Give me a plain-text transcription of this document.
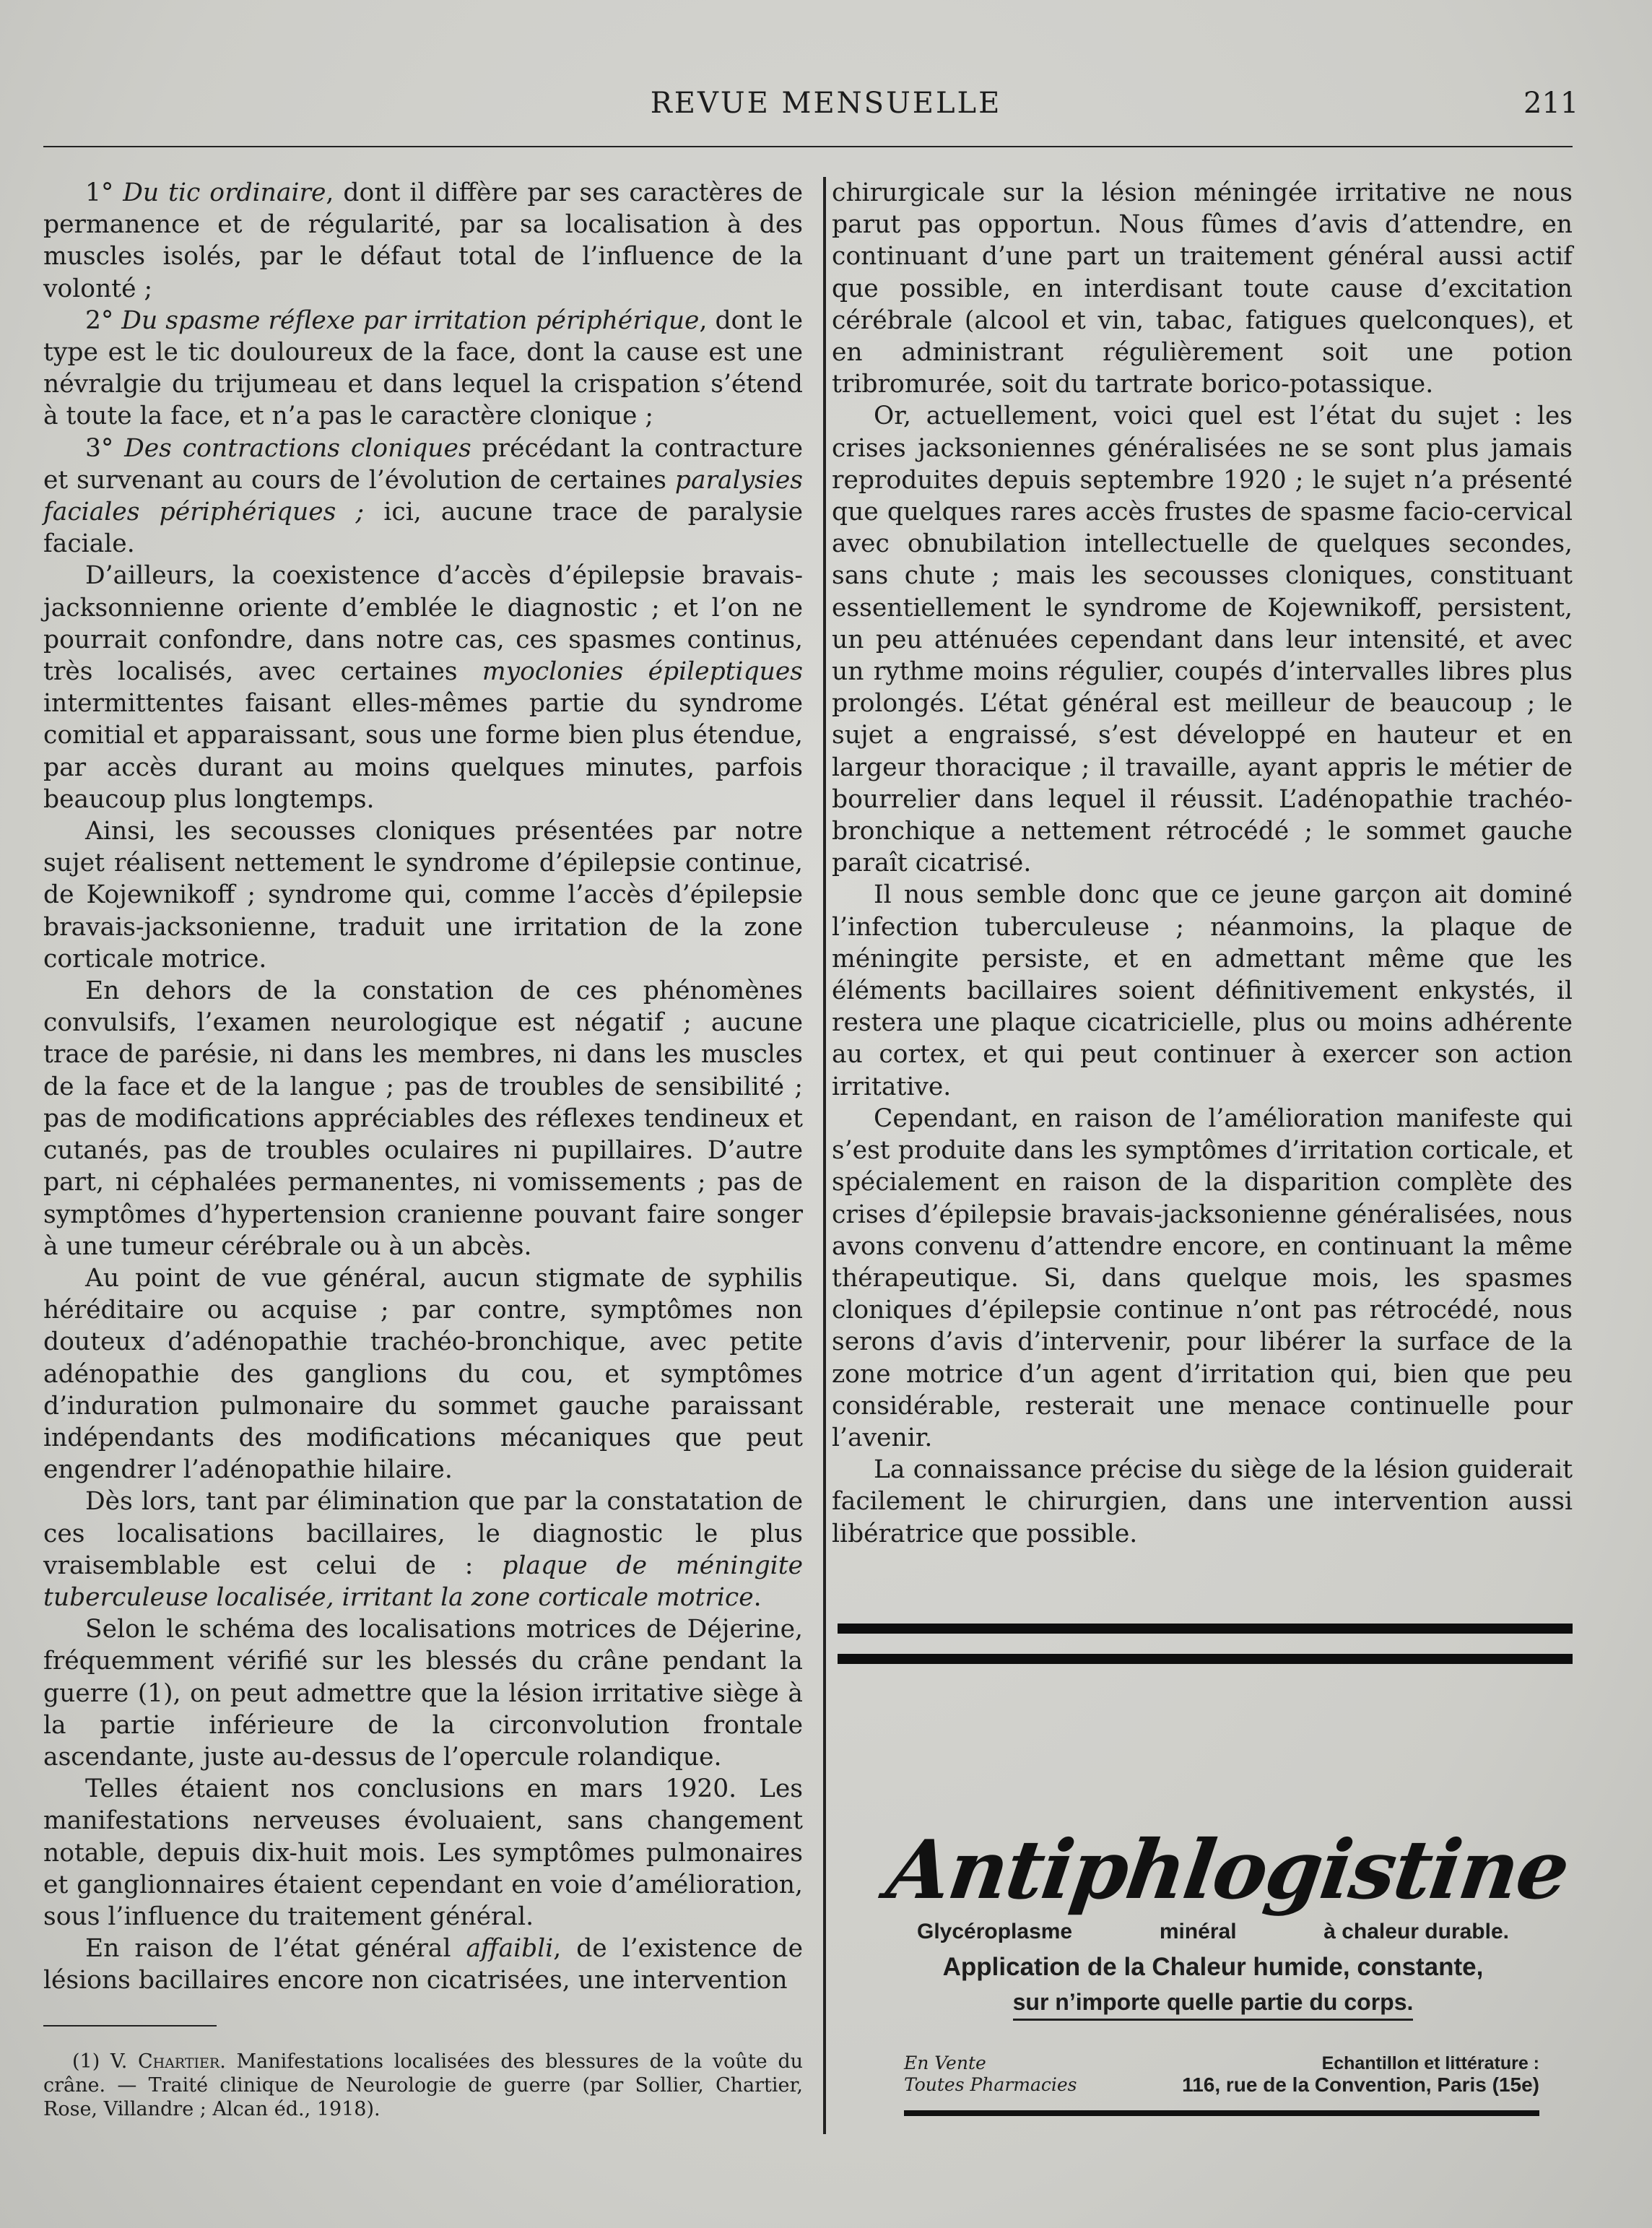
REVUE MENSUELLE	211

1° Du tic ordinaire, dont il diffère par ses caractères de permanence et de régularité, par sa localisation à des muscles isolés, par le défaut total de l’influence de la volonté ;

2° Du spasme réflexe par irritation périphérique, dont le type est le tic douloureux de la face, dont la cause est une névralgie du trijumeau et dans lequel la crispation s’étend à toute la face, et n’a pas le caractère clonique ;

3° Des contractions cloniques précédant la contracture et survenant au cours de l’évolution de certaines paralysies faciales périphériques ; ici, aucune trace de paralysie faciale.

D’ailleurs, la coexistence d’accès d’épilepsie bravais-jacksonnienne oriente d’emblée le diagnostic ; et l’on ne pourrait confondre, dans notre cas, ces spasmes continus, très localisés, avec certaines myoclonies épileptiques intermittentes faisant elles-mêmes partie du syndrome comitial et apparaissant, sous une forme bien plus étendue, par accès durant au moins quelques minutes, parfois beaucoup plus longtemps.

Ainsi, les secousses cloniques présentées par notre sujet réalisent nettement le syndrome d’épilepsie continue, de Kojewnikoff ; syndrome qui, comme l’accès d’épilepsie bravais-jacksonienne, traduit une irritation de la zone corticale motrice.

En dehors de la constation de ces phénomènes convulsifs, l’examen neurologique est négatif ; aucune trace de parésie, ni dans les membres, ni dans les muscles de la face et de la langue ; pas de troubles de sensibilité ; pas de modifications appréciables des réflexes tendineux et cutanés, pas de troubles oculaires ni pupillaires. D’autre part, ni céphalées permanentes, ni vomissements ; pas de symptômes d’hypertension cranienne pouvant faire songer à une tumeur cérébrale ou à un abcès.

Au point de vue général, aucun stigmate de syphilis héréditaire ou acquise ; par contre, symptômes non douteux d’adénopathie trachéo-bronchique, avec petite adénopathie des ganglions du cou, et symptômes d’induration pulmonaire du sommet gauche paraissant indépendants des modifications mécaniques que peut engendrer l’adénopathie hilaire.

Dès lors, tant par élimination que par la constatation de ces localisations bacillaires, le diagnostic le plus vraisemblable est celui de : plaque de méningite tuberculeuse localisée, irritant la zone corticale motrice.

Selon le schéma des localisations motrices de Déjerine, fréquemment vérifié sur les blessés du crâne pendant la guerre (1), on peut admettre que la lésion irritative siège à la partie inférieure de la circonvolution frontale ascendante, juste au-dessus de l’opercule rolandique.

Telles étaient nos conclusions en mars 1920. Les manifestations nerveuses évoluaient, sans changement notable, depuis dix-huit mois. Les symptômes pulmonaires et ganglionnaires étaient cependant en voie d’amélioration, sous l’influence du traitement général.

En raison de l’état général affaibli, de l’existence de lésions bacillaires encore non cicatrisées, une intervention

chirurgicale sur la lésion méningée irritative ne nous parut pas opportun. Nous fûmes d’avis d’attendre, en continuant d’une part un traitement général aussi actif que possible, en interdisant toute cause d’excitation cérébrale (alcool et vin, tabac, fatigues quelconques), et en administrant régulièrement soit une potion tribromurée, soit du tartrate borico-potassique.

Or, actuellement, voici quel est l’état du sujet : les crises jacksoniennes généralisées ne se sont plus jamais reproduites depuis septembre 1920 ; le sujet n’a présenté que quelques rares accès frustes de spasme facio-cervical avec obnubilation intellectuelle de quelques secondes, sans chute ; mais les secousses cloniques, constituant essentiellement le syndrome de Kojewnikoff, persistent, un peu atténuées cependant dans leur intensité, et avec un rythme moins régulier, coupés d’intervalles libres plus prolongés. L’état général est meilleur de beaucoup ; le sujet a engraissé, s’est développé en hauteur et en largeur thoracique ; il travaille, ayant appris le métier de bourrelier dans lequel il réussit. L’adénopathie trachéo-bronchique a nettement rétrocédé ; le sommet gauche paraît cicatrisé.

Il nous semble donc que ce jeune garçon ait dominé l’infection tuberculeuse ; néanmoins, la plaque de méningite persiste, et en admettant même que les éléments bacillaires soient définitivement enkystés, il restera une plaque cicatricielle, plus ou moins adhérente au cortex, et qui peut continuer à exercer son action irritative.

Cependant, en raison de l’amélioration manifeste qui s’est produite dans les symptômes d’irritation corticale, et spécialement en raison de la disparition complète des crises d’épilepsie bravais-jacksonienne généralisées, nous avons convenu d’attendre encore, en continuant la même thérapeutique. Si, dans quelque mois, les spasmes cloniques d’épilepsie continue n’ont pas rétrocédé, nous serons d’avis d’intervenir, pour libérer la surface de la zone motrice d’un agent d’irritation qui, bien que peu considérable, resterait une menace continuelle pour l’avenir.

La connaissance précise du siège de la lésion guiderait facilement le chirurgien, dans une intervention aussi libératrice que possible.

(1) V. Chartier. Manifestations localisées des blessures de la voûte du crâne. — Traité clinique de Neurologie de guerre (par Sollier, Chartier, Rose, Villandre ; Alcan éd., 1918).

Antiphlogistine
Glycéroplasme	minéral	à chaleur durable.
Application de la Chaleur humide, constante,
sur n’importe quelle partie du corps.
En Vente
Toutes Pharmacies
Echantillon et littérature :
116, rue de la Convention, Paris (15e)
